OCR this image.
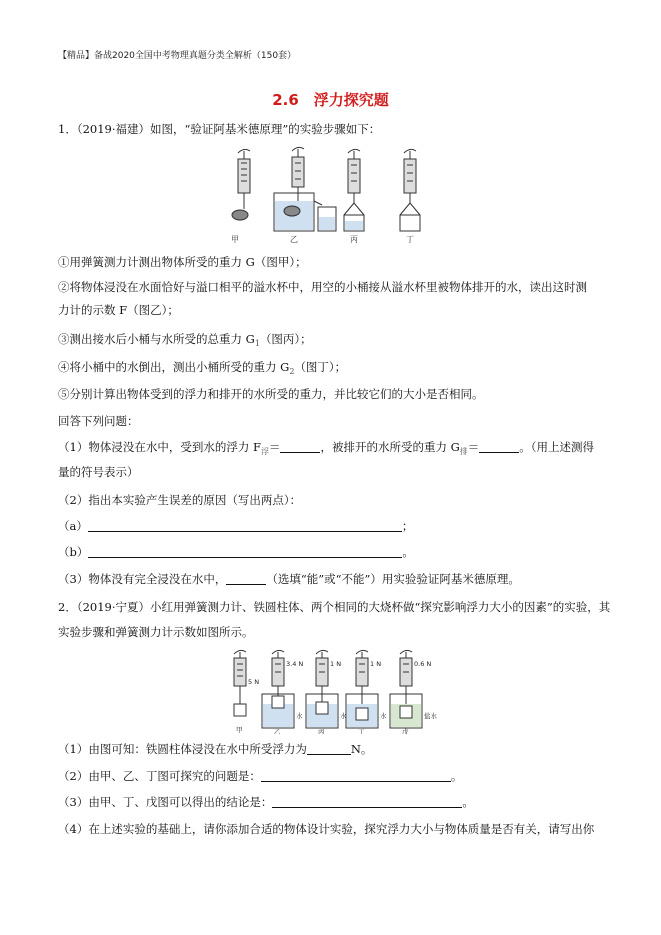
【精品】备战2020全国中考物理真题分类全解析（150套）
2.6　浮力探究题
1．（2019·福建）如图，“验证阿基米德原理”的实验步骤如下：
甲	乙	丙	丁
①用弹簧测力计测出物体所受的重力 G（图甲）；
②将物体浸没在水面恰好与溢口相平的溢水杯中，用空的小桶接从溢水杯里被物体排开的水，读出这时测
力计的示数 F（图乙）；
③测出接水后小桶与水所受的总重力 $G_1$（图丙）；
④将小桶中的水倒出，测出小桶所受的重力 $G_2$（图丁）；
⑤分别计算出物体受到的浮力和排开的水所受的重力，并比较它们的大小是否相同。
回答下列问题：
（1）物体浸没在水中，受到水的浮力 $F_浮=$	，被排开的水所受的重力 $G_排=$	。（用上述测得
量的符号表示）
（2）指出本实验产生误差的原因（写出两点）：
（a）	；
（b）	。
（3）物体没有完全浸没在水中，	（选填“能”或“不能”）用实验验证阿基米德原理。
2．（2019·宁夏）小红用弹簧测力计、铁圆柱体、两个相同的大烧杯做“探究影响浮力大小的因素”的实验，其
实验步骤和弹簧测力计示数如图所示。
5 N
3.4 N	1 N	1 N	0.6 N
水	水	水	盐水
甲	乙	丙	丁	戊
（1）由图可知：铁圆柱体浸没在水中所受浮力为	N。
（2）由甲、乙、丁图可探究的问题是：	。
（3）由甲、丁、戊图可以得出的结论是：	。
（4）在上述实验的基础上，请你添加合适的物体设计实验，探究浮力大小与物体质量是否有关，请写出你
